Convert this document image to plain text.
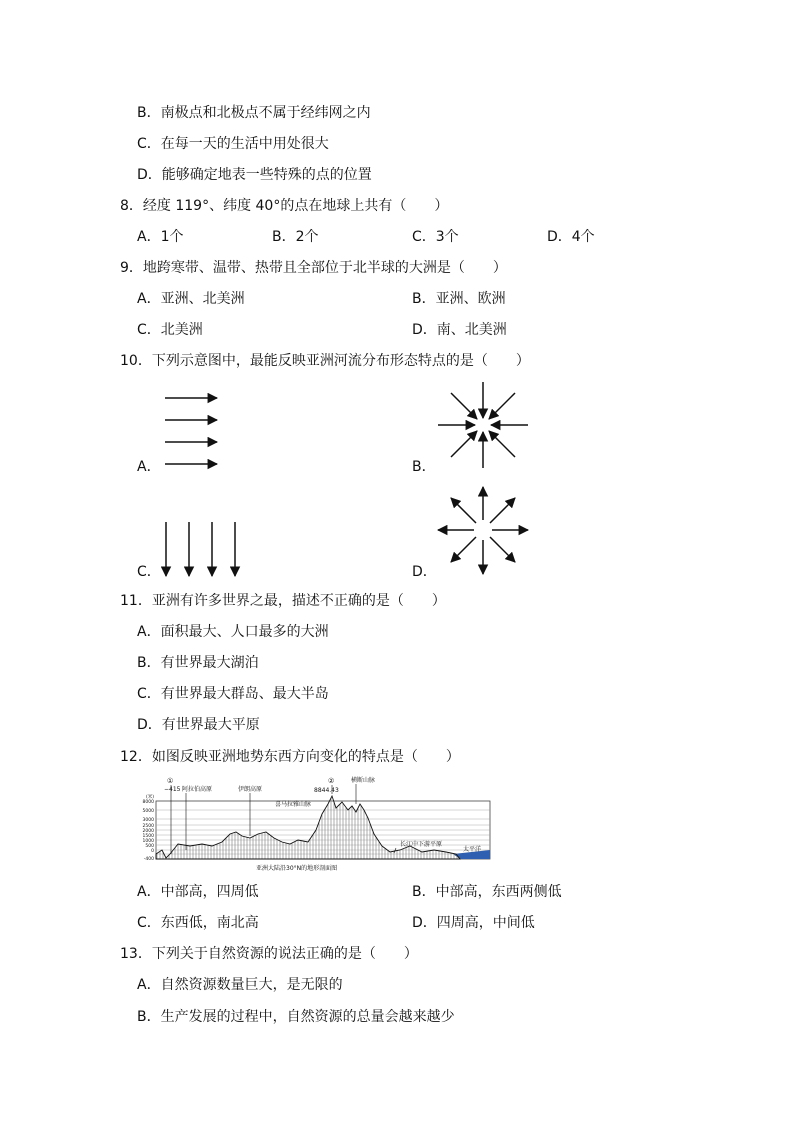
B．南极点和北极点不属于经纬网之内
C．在每一天的生活中用处很大
D．能够确定地表一些特殊的点的位置
8．经度 119°、纬度 40°的点在地球上共有（　　）
A．1个	B．2个	C．3个	D．4个
9．地跨寒带、温带、热带且全部位于北半球的大洲是（　　）
A．亚洲、北美洲	B．亚洲、欧洲
C．北美洲	D．南、北美洲
10．下列示意图中，最能反映亚洲河流分布形态特点的是（　　）
A．	B．
C．	D．
11．亚洲有许多世界之最，描述不正确的是（　　）
A．面积最大、人口最多的大洲
B．有世界最大湖泊
C．有世界最大群岛、最大半岛
D．有世界最大平原
12．如图反映亚洲地势东西方向变化的特点是（　　）
(米)
8000
5000
3000
2500
2000
1500
1000
500
0
-400
①	②
−415 阿拉伯高原	伊朗高原	8844.43
横断山脉
喜马拉雅山脉
长江中下游平原
太平洋
亚洲大陆沿30°N的地形剖面图
A．中部高，四周低	B．中部高，东西两侧低
C．东西低，南北高	D．四周高，中间低
13．下列关于自然资源的说法正确的是（　　）
A．自然资源数量巨大，是无限的
B．生产发展的过程中，自然资源的总量会越来越少
